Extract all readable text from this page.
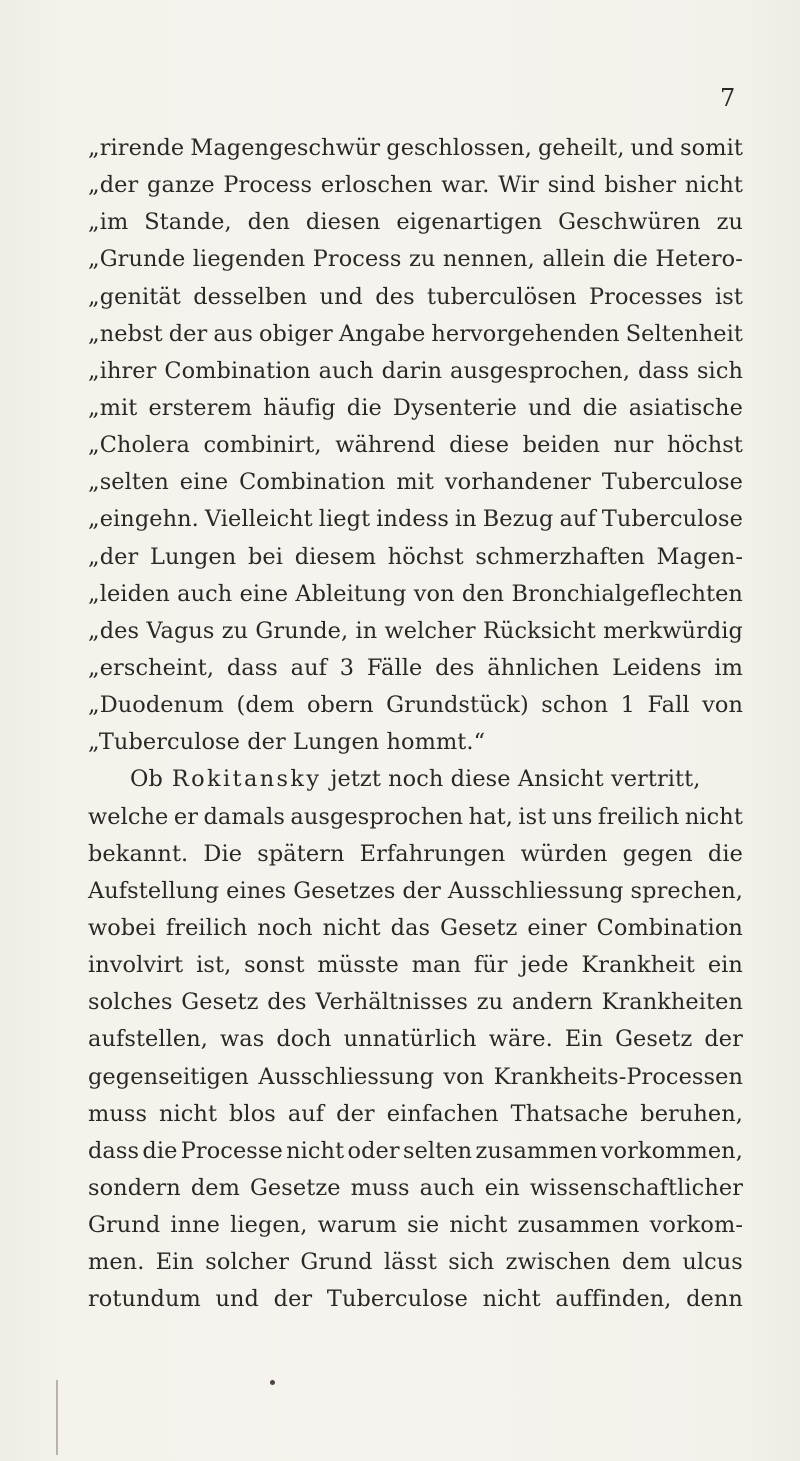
7
„rirende Magengeschwür geschlossen, geheilt, und somit
„der ganze Process erloschen war. Wir sind bisher nicht
„im Stande, den diesen eigenartigen Geschwüren zu
„Grunde liegenden Process zu nennen, allein die Hetero-
„genität desselben und des tuberculösen Processes ist
„nebst der aus obiger Angabe hervorgehenden Seltenheit
„ihrer Combination auch darin ausgesprochen, dass sich
„mit ersterem häufig die Dysenterie und die asiatische
„Cholera combinirt, während diese beiden nur höchst
„selten eine Combination mit vorhandener Tuberculose
„eingehn. Vielleicht liegt indess in Bezug auf Tuberculose
„der Lungen bei diesem höchst schmerzhaften Magen-
„leiden auch eine Ableitung von den Bronchialgeflechten
„des Vagus zu Grunde, in welcher Rücksicht merkwürdig
„erscheint, dass auf 3 Fälle des ähnlichen Leidens im
„Duodenum (dem obern Grundstück) schon 1 Fall von
„Tuberculose der Lungen hommt.“
Ob Rokitansky jetzt noch diese Ansicht vertritt,
welche er damals ausgesprochen hat, ist uns freilich nicht
bekannt. Die spätern Erfahrungen würden gegen die
Aufstellung eines Gesetzes der Ausschliessung sprechen,
wobei freilich noch nicht das Gesetz einer Combination
involvirt ist, sonst müsste man für jede Krankheit ein
solches Gesetz des Verhältnisses zu andern Krankheiten
aufstellen, was doch unnatürlich wäre. Ein Gesetz der
gegenseitigen Ausschliessung von Krankheits-Processen
muss nicht blos auf der einfachen Thatsache beruhen,
dass die Processe nicht oder selten zusammen vorkommen,
sondern dem Gesetze muss auch ein wissenschaftlicher
Grund inne liegen, warum sie nicht zusammen vorkom-
men. Ein solcher Grund lässt sich zwischen dem ulcus
rotundum und der Tuberculose nicht auffinden, denn
